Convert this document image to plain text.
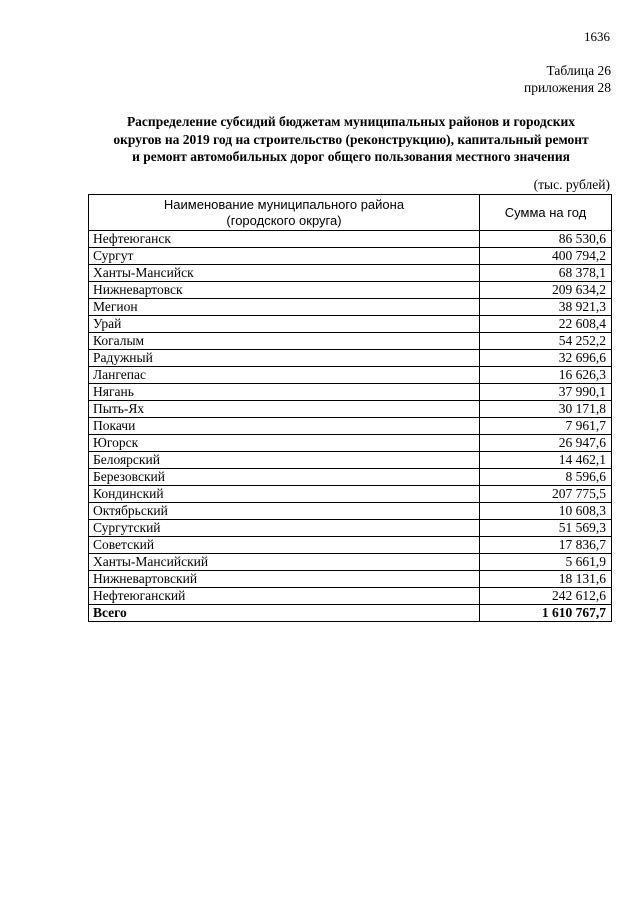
1636
Таблица 26
приложения 28
Распределение субсидий бюджетам муниципальных районов и городских
округов на 2019 год на строительство (реконструкцию), капитальный ремонт
и ремонт автомобильных дорог общего пользования местного значения
(тыс. рублей)
Наименование муниципального района
(городского округа)	Сумма на год
Нефтеюганск	86 530,6
Сургут	400 794,2
Ханты-Мансийск	68 378,1
Нижневартовск	209 634,2
Мегион	38 921,3
Урай	22 608,4
Когалым	54 252,2
Радужный	32 696,6
Лангепас	16 626,3
Нягань	37 990,1
Пыть-Ях	30 171,8
Покачи	7 961,7
Югорск	26 947,6
Белоярский	14 462,1
Березовский	8 596,6
Кондинский	207 775,5
Октябрьский	10 608,3
Сургутский	51 569,3
Советский	17 836,7
Ханты-Мансийский	5 661,9
Нижневартовский	18 131,6
Нефтеюганский	242 612,6
Всего	1 610 767,7
